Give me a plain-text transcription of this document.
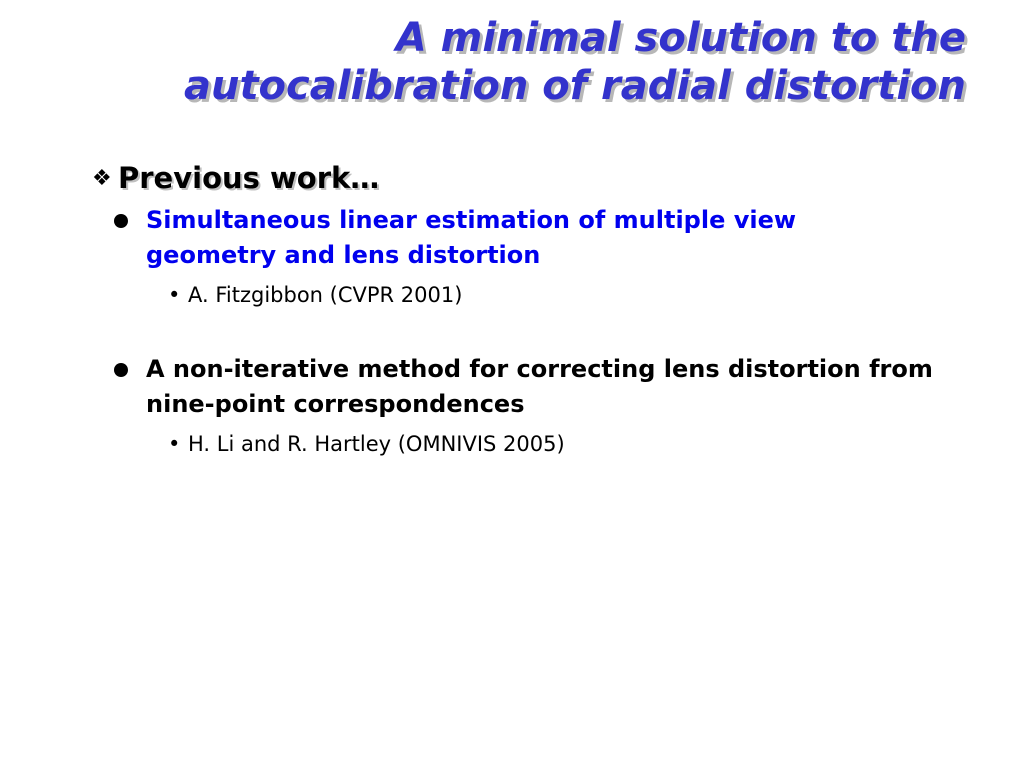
A minimal solution to the
autocalibration of radial distortion
❖ Previous work…
Simultaneous linear estimation of multiple view geometry and lens distortion
• A. Fitzgibbon (CVPR 2001)
A non-iterative method for correcting lens distortion from nine-point correspondences
• H. Li and R. Hartley (OMNIVIS 2005)
